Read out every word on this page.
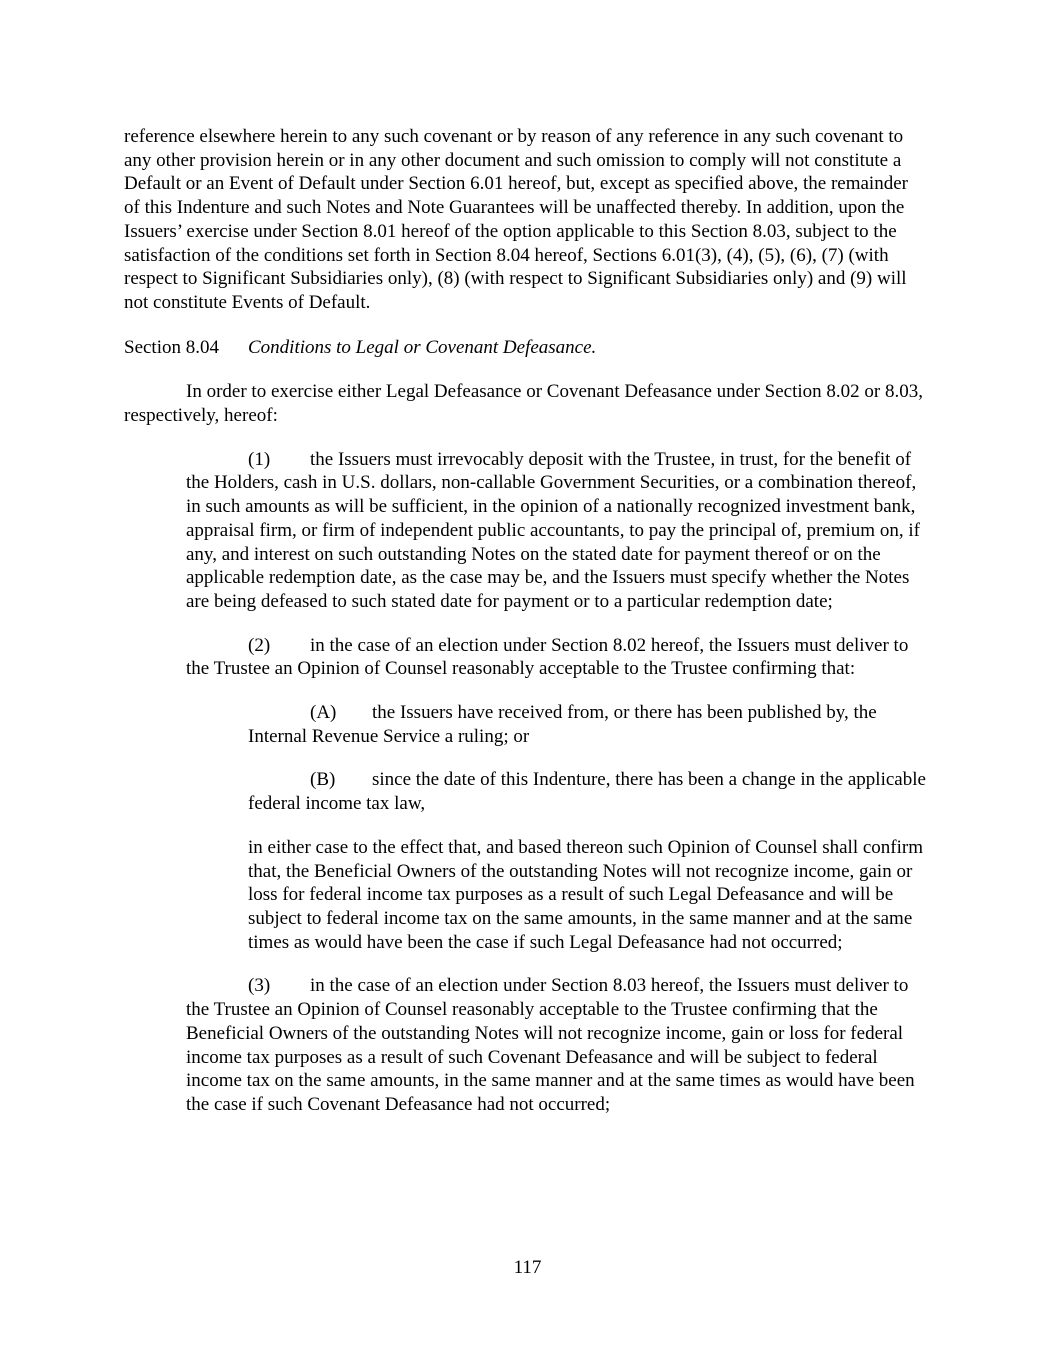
reference elsewhere herein to any such covenant or by reason of any reference in any such covenant to any other provision herein or in any other document and such omission to comply will not constitute a Default or an Event of Default under Section 6.01 hereof, but, except as specified above, the remainder of this Indenture and such Notes and Note Guarantees will be unaffected thereby. In addition, upon the Issuers’ exercise under Section 8.01 hereof of the option applicable to this Section 8.03, subject to the satisfaction of the conditions set forth in Section 8.04 hereof, Sections 6.01(3), (4), (5), (6), (7) (with respect to Significant Subsidiaries only), (8) (with respect to Significant Subsidiaries only) and (9) will not constitute Events of Default.

Section 8.04 Conditions to Legal or Covenant Defeasance.

In order to exercise either Legal Defeasance or Covenant Defeasance under Section 8.02 or 8.03, respectively, hereof:

(1) the Issuers must irrevocably deposit with the Trustee, in trust, for the benefit of the Holders, cash in U.S. dollars, non-callable Government Securities, or a combination thereof, in such amounts as will be sufficient, in the opinion of a nationally recognized investment bank, appraisal firm, or firm of independent public accountants, to pay the principal of, premium on, if any, and interest on such outstanding Notes on the stated date for payment thereof or on the applicable redemption date, as the case may be, and the Issuers must specify whether the Notes are being defeased to such stated date for payment or to a particular redemption date;

(2) in the case of an election under Section 8.02 hereof, the Issuers must deliver to the Trustee an Opinion of Counsel reasonably acceptable to the Trustee confirming that:

(A) the Issuers have received from, or there has been published by, the Internal Revenue Service a ruling; or

(B) since the date of this Indenture, there has been a change in the applicable federal income tax law,

in either case to the effect that, and based thereon such Opinion of Counsel shall confirm that, the Beneficial Owners of the outstanding Notes will not recognize income, gain or loss for federal income tax purposes as a result of such Legal Defeasance and will be subject to federal income tax on the same amounts, in the same manner and at the same times as would have been the case if such Legal Defeasance had not occurred;

(3) in the case of an election under Section 8.03 hereof, the Issuers must deliver to the Trustee an Opinion of Counsel reasonably acceptable to the Trustee confirming that the Beneficial Owners of the outstanding Notes will not recognize income, gain or loss for federal income tax purposes as a result of such Covenant Defeasance and will be subject to federal income tax on the same amounts, in the same manner and at the same times as would have been the case if such Covenant Defeasance had not occurred;

117
